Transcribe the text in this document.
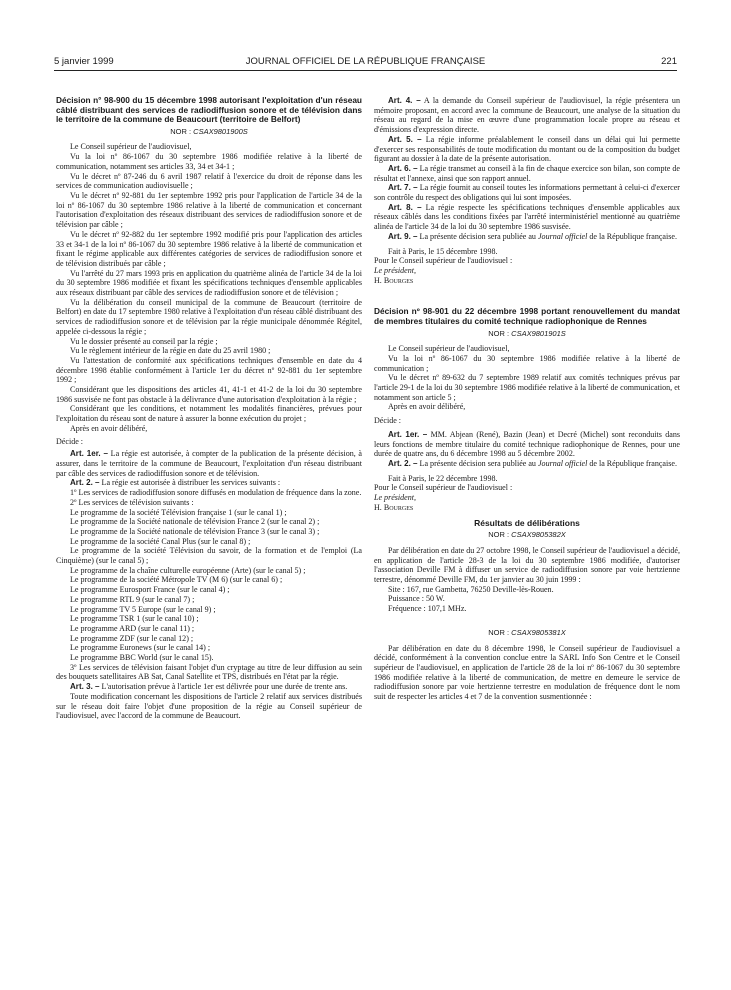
5 janvier 1999	JOURNAL OFFICIEL DE LA RÉPUBLIQUE FRANÇAISE	221

Décision n° 98-900 du 15 décembre 1998 autorisant l'exploitation d'un réseau câblé distribuant des services de radiodiffusion sonore et de télévision dans le territoire de la commune de Beaucourt (territoire de Belfort)

NOR : CSAX9801900S

Le Conseil supérieur de l'audiovisuel,

Vu la loi nº 86-1067 du 30 septembre 1986 modifiée relative à la liberté de communication, notamment ses articles 33, 34 et 34-1 ;

Vu le décret nº 87-246 du 6 avril 1987 relatif à l'exercice du droit de réponse dans les services de communication audiovisuelle ;

Vu le décret nº 92-881 du 1er septembre 1992 pris pour l'application de l'article 34 de la loi nº 86-1067 du 30 septembre 1986 relative à la liberté de communication et concernant l'autorisation d'exploitation des réseaux distribuant des services de radiodiffusion sonore et de télévision par câble ;

Vu le décret nº 92-882 du 1er septembre 1992 modifié pris pour l'application des articles 33 et 34-1 de la loi nº 86-1067 du 30 septembre 1986 relative à la liberté de communication et fixant le régime applicable aux différentes catégories de services de radiodiffusion sonore et de télévision distribués par câble ;

Vu l'arrêté du 27 mars 1993 pris en application du quatrième alinéa de l'article 34 de la loi du 30 septembre 1986 modifiée et fixant les spécifications techniques d'ensemble applicables aux réseaux distribuant par câble des services de radiodiffusion sonore et de télévision ;

Vu la délibération du conseil municipal de la commune de Beaucourt (territoire de Belfort) en date du 17 septembre 1980 relative à l'exploitation d'un réseau câblé distribuant des services de radiodiffusion sonore et de télévision par la régie municipale dénommée Régitel, appelée ci-dessous la régie ;

Vu le dossier présenté au conseil par la régie ;

Vu le règlement intérieur de la régie en date du 25 avril 1980 ;

Vu l'attestation de conformité aux spécifications techniques d'ensemble en date du 4 décembre 1998 établie conformément à l'article 1er du décret nº 92-881 du 1er septembre 1992 ;

Considérant que les dispositions des articles 41, 41-1 et 41-2 de la loi du 30 septembre 1986 susvisée ne font pas obstacle à la délivrance d'une autorisation d'exploitation à la régie ;

Considérant que les conditions, et notamment les modalités financières, prévues pour l'exploitation du réseau sont de nature à assurer la bonne exécution du projet ;

Après en avoir délibéré,

Décide :

Art. 1er. – La régie est autorisée, à compter de la publication de la présente décision, à assurer, dans le territoire de la commune de Beaucourt, l'exploitation d'un réseau distribuant par câble des services de radiodiffusion sonore et de télévision.

Art. 2. – La régie est autorisée à distribuer les services suivants :

1º Les services de radiodiffusion sonore diffusés en modulation de fréquence dans la zone.

2º Les services de télévision suivants :

Le programme de la société Télévision française 1 (sur le canal 1) ;

Le programme de la Société nationale de télévision France 2 (sur le canal 2) ;

Le programme de la Société nationale de télévision France 3 (sur le canal 3) ;

Le programme de la société Canal Plus (sur le canal 8) ;

Le programme de la société Télévision du savoir, de la formation et de l'emploi (La Cinquième) (sur le canal 5) ;

Le programme de la chaîne culturelle européenne (Arte) (sur le canal 5) ;

Le programme de la société Métropole TV (M 6) (sur le canal 6) ;

Le programme Eurosport France (sur le canal 4) ;

Le programme RTL 9 (sur le canal 7) ;

Le programme TV 5 Europe (sur le canal 9) ;

Le programme TSR 1 (sur le canal 10) ;

Le programme ARD (sur le canal 11) ;

Le programme ZDF (sur le canal 12) ;

Le programme Euronews (sur le canal 14) ;

Le programme BBC World (sur le canal 15).

3º Les services de télévision faisant l'objet d'un cryptage au titre de leur diffusion au sein des bouquets satellitaires AB Sat, Canal Satellite et TPS, distribués en l'état par la régie.

Art. 3. – L'autorisation prévue à l'article 1er est délivrée pour une durée de trente ans.

Toute modification concernant les dispositions de l'article 2 relatif aux services distribués sur le réseau doit faire l'objet d'une proposition de la régie au Conseil supérieur de l'audiovisuel, avec l'accord de la commune de Beaucourt.

Art. 4. – A la demande du Conseil supérieur de l'audiovisuel, la régie présentera un mémoire proposant, en accord avec la commune de Beaucourt, une analyse de la situation du réseau au regard de la mise en œuvre d'une programmation locale propre au réseau et d'émissions d'expression directe.

Art. 5. – La régie informe préalablement le conseil dans un délai qui lui permette d'exercer ses responsabilités de toute modification du montant ou de la composition du budget figurant au dossier à la date de la présente autorisation.

Art. 6. – La régie transmet au conseil à la fin de chaque exercice son bilan, son compte de résultat et l'annexe, ainsi que son rapport annuel.

Art. 7. – La régie fournit au conseil toutes les informations permettant à celui-ci d'exercer son contrôle du respect des obligations qui lui sont imposées.

Art. 8. – La régie respecte les spécifications techniques d'ensemble applicables aux réseaux câblés dans les conditions fixées par l'arrêté interministériel mentionné au quatrième alinéa de l'article 34 de la loi du 30 septembre 1986 susvisée.

Art. 9. – La présente décision sera publiée au Journal officiel de la République française.

Fait à Paris, le 15 décembre 1998.

Pour le Conseil supérieur de l'audiovisuel :

Le président,

H. Bourges

Décision nº 98-901 du 22 décembre 1998 portant renouvellement du mandat de membres titulaires du comité technique radiophonique de Rennes

NOR : CSAX9801901S

Le Conseil supérieur de l'audiovisuel,

Vu la loi nº 86-1067 du 30 septembre 1986 modifiée relative à la liberté de communication ;

Vu le décret nº 89-632 du 7 septembre 1989 relatif aux comités techniques prévus par l'article 29-1 de la loi du 30 septembre 1986 modifiée relative à la liberté de communication, et notamment son article 5 ;

Après en avoir délibéré,

Décide :

Art. 1er. – MM. Abjean (René), Bazin (Jean) et Decré (Michel) sont reconduits dans leurs fonctions de membre titulaire du comité technique radiophonique de Rennes, pour une durée de quatre ans, du 6 décembre 1998 au 5 décembre 2002.

Art. 2. – La présente décision sera publiée au Journal officiel de la République française.

Fait à Paris, le 22 décembre 1998.

Pour le Conseil supérieur de l'audiovisuel :

Le président,

H. Bourges

Résultats de délibérations
NOR : CSAX9805382X

Par délibération en date du 27 octobre 1998, le Conseil supérieur de l'audiovisuel a décidé, en application de l'article 28-3 de la loi du 30 septembre 1986 modifiée, d'autoriser l'association Deville FM à diffuser un service de radiodiffusion sonore par voie hertzienne terrestre, dénommé Deville FM, du 1er janvier au 30 juin 1999 :

Site : 167, rue Gambetta, 76250 Deville-lès-Rouen.

Puissance : 50 W.

Fréquence : 107,1 MHz.

NOR : CSAX9805381X

Par délibération en date du 8 décembre 1998, le Conseil supérieur de l'audiovisuel a décidé, conformément à la convention conclue entre la SARL Info Son Centre et le Conseil supérieur de l'audiovisuel, en application de l'article 28 de la loi nº 86-1067 du 30 septembre 1986 modifiée relative à la liberté de communication, de mettre en demeure le service de radiodiffusion sonore par voie hertzienne terrestre en modulation de fréquence dont le nom suit de respecter les articles 4 et 7 de la convention susmentionnée :
